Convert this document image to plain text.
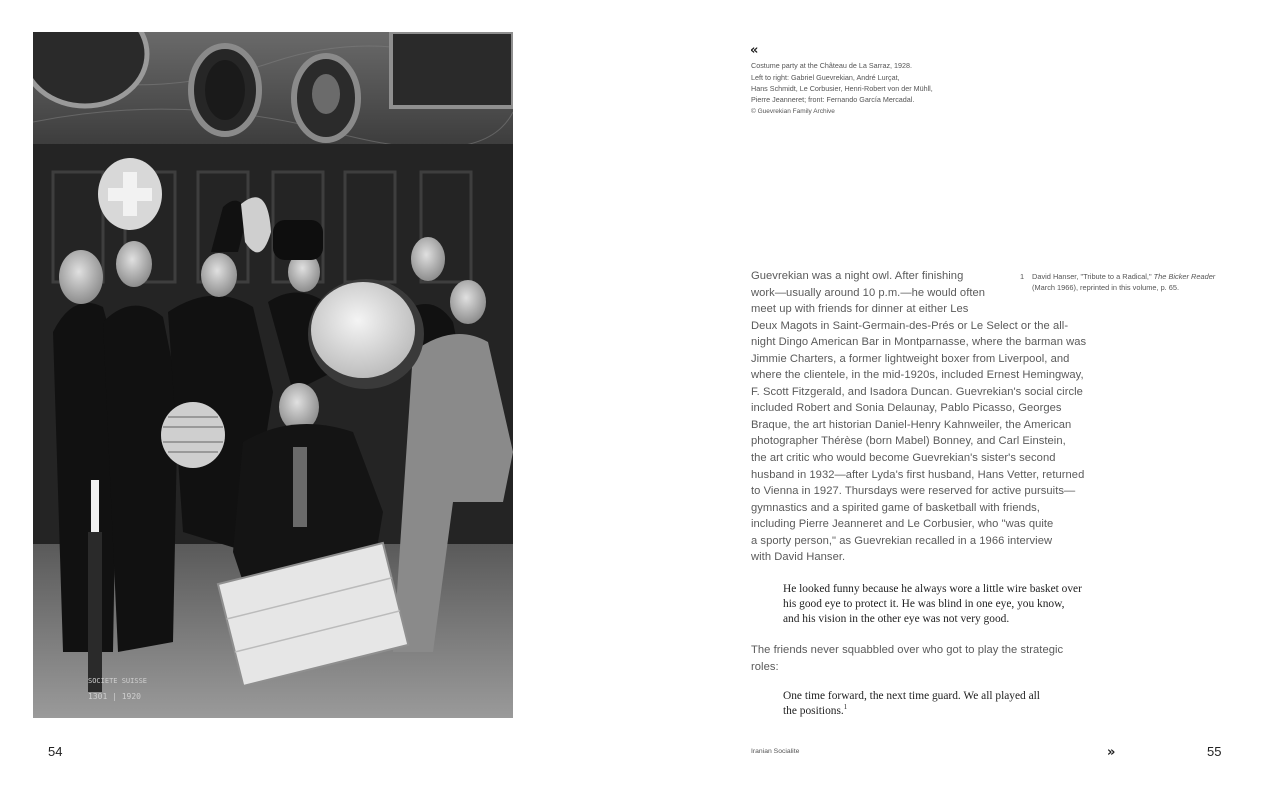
SOCIETE SUISSE
1301 | 1920
54
«
Costume party at the Château de La Sarraz, 1928.
Left to right: Gabriel Guevrekian, André Lurçat,
Hans Schmidt, Le Corbusier, Henri-Robert von der Mühll,
Pierre Jeanneret; front: Fernando García Mercadal.
© Guevrekian Family Archive
1 David Hanser, "Tribute to a Radical," The Bicker Reader (March 1966), reprinted in this volume, p. 65.
Guevrekian was a night owl. After finishing
work—usually around 10 p.m.—he would often
meet up with friends for dinner at either Les
Deux Magots in Saint-Germain-des-Prés or Le Select or the all-
night Dingo American Bar in Montparnasse, where the barman was
Jimmie Charters, a former lightweight boxer from Liverpool, and
where the clientele, in the mid-1920s, included Ernest Hemingway,
F. Scott Fitzgerald, and Isadora Duncan. Guevrekian's social circle
included Robert and Sonia Delaunay, Pablo Picasso, Georges
Braque, the art historian Daniel-Henry Kahnweiler, the American
photographer Thérèse (born Mabel) Bonney, and Carl Einstein,
the art critic who would become Guevrekian's sister's second
husband in 1932—after Lyda's first husband, Hans Vetter, returned
to Vienna in 1927. Thursdays were reserved for active pursuits—
gymnastics and a spirited game of basketball with friends,
including Pierre Jeanneret and Le Corbusier, who "was quite
a sporty person," as Guevrekian recalled in a 1966 interview
with David Hanser.
He looked funny because he always wore a little wire basket over
his good eye to protect it. He was blind in one eye, you know,
and his vision in the other eye was not very good.
The friends never squabbled over who got to play the strategic
roles:
One time forward, the next time guard. We all played all
the positions.$^1$
Iranian Socialite	»	55
